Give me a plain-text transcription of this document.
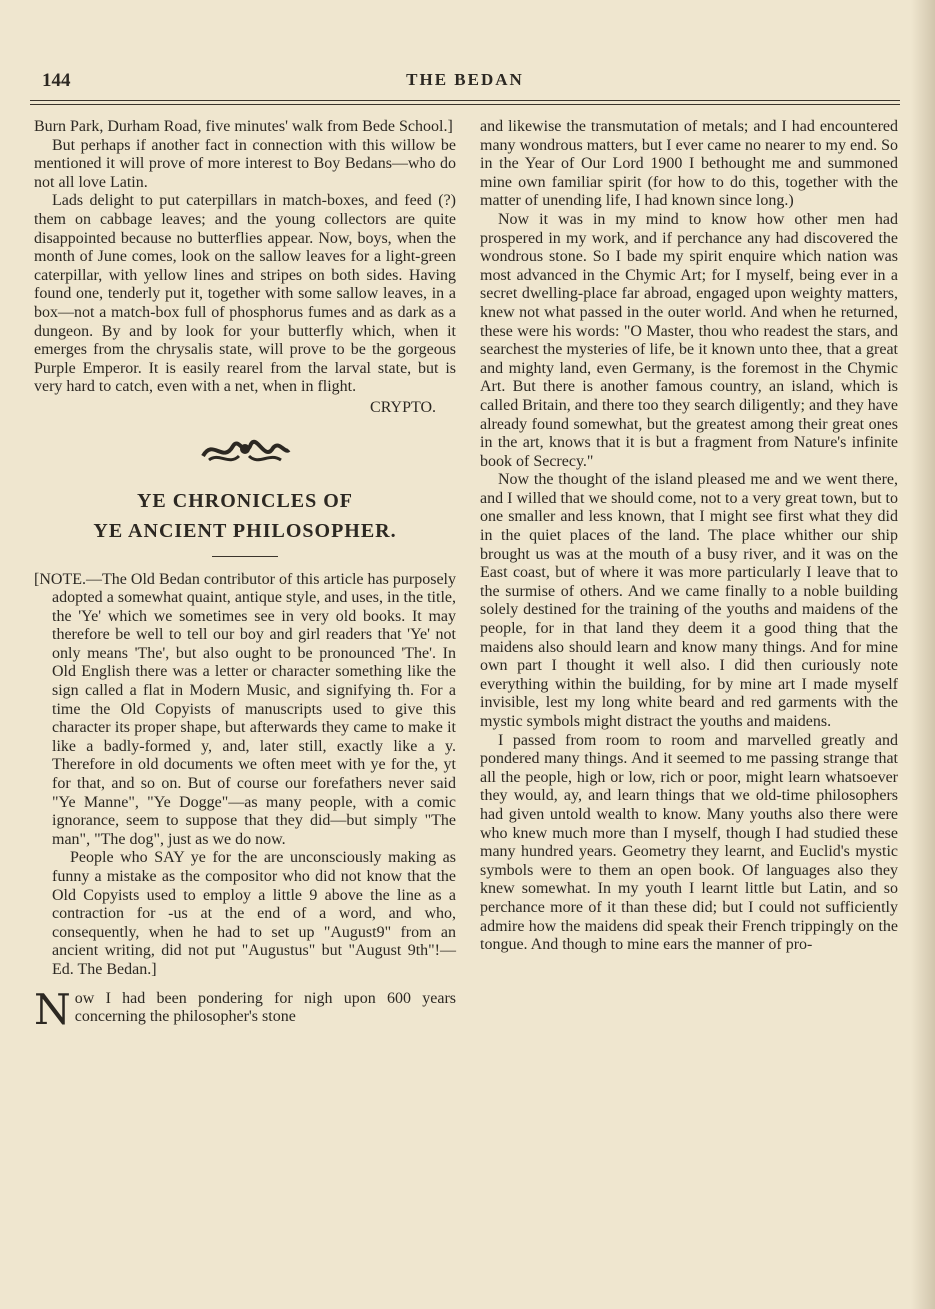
144	THE BEDAN

Burn Park, Durham Road, five minutes' walk from Bede School.]

But perhaps if another fact in connection with this willow be mentioned it will prove of more interest to Boy Bedans—who do not all love Latin.

Lads delight to put caterpillars in match-boxes, and feed (?) them on cabbage leaves; and the young collectors are quite disappointed because no butterflies appear. Now, boys, when the month of June comes, look on the sallow leaves for a light-green caterpillar, with yellow lines and stripes on both sides. Having found one, tenderly put it, together with some sallow leaves, in a box—not a match-box full of phosphorus fumes and as dark as a dungeon. By and by look for your butterfly which, when it emerges from the chrysalis state, will prove to be the gorgeous Purple Emperor. It is easily rearel from the larval state, but is very hard to catch, even with a net, when in flight.

CRYPTO.

YE CHRONICLES OF
YE ANCIENT PHILOSOPHER.

[NOTE.—The Old Bedan contributor of this article has purposely adopted a somewhat quaint, antique style, and uses, in the title, the 'Ye' which we sometimes see in very old books. It may therefore be well to tell our boy and girl readers that 'Ye' not only means 'The', but also ought to be pronounced 'The'. In Old English there was a letter or character something like the sign called a flat in Modern Music, and signifying th. For a time the Old Copyists of manuscripts used to give this character its proper shape, but afterwards they came to make it like a badly-formed y, and, later still, exactly like a y. Therefore in old documents we often meet with ye for the, yt for that, and so on. But of course our forefathers never said "Ye Manne", "Ye Dogge"—as many people, with a comic ignorance, seem to suppose that they did—but simply "The man", "The dog", just as we do now.

People who SAY ye for the are unconsciously making as funny a mistake as the compositor who did not know that the Old Copyists used to employ a little 9 above the line as a contraction for -us at the end of a word, and who, consequently, when he had to set up "August9" from an ancient writing, did not put "Augustus" but "August 9th"!—Ed. The Bedan.]

Now I had been pondering for nigh upon 600 years concerning the philosopher's stone

and likewise the transmutation of metals; and I had encountered many wondrous matters, but I ever came no nearer to my end. So in the Year of Our Lord 1900 I bethought me and summoned mine own familiar spirit (for how to do this, together with the matter of unending life, I had known since long.)

Now it was in my mind to know how other men had prospered in my work, and if perchance any had discovered the wondrous stone. So I bade my spirit enquire which nation was most advanced in the Chymic Art; for I myself, being ever in a secret dwelling-place far abroad, engaged upon weighty matters, knew not what passed in the outer world. And when he returned, these were his words: "O Master, thou who readest the stars, and searchest the mysteries of life, be it known unto thee, that a great and mighty land, even Germany, is the foremost in the Chymic Art. But there is another famous country, an island, which is called Britain, and there too they search diligently; and they have already found somewhat, but the greatest among their great ones in the art, knows that it is but a fragment from Nature's infinite book of Secrecy."

Now the thought of the island pleased me and we went there, and I willed that we should come, not to a very great town, but to one smaller and less known, that I might see first what they did in the quiet places of the land. The place whither our ship brought us was at the mouth of a busy river, and it was on the East coast, but of where it was more particularly I leave that to the surmise of others. And we came finally to a noble building solely destined for the training of the youths and maidens of the people, for in that land they deem it a good thing that the maidens also should learn and know many things. And for mine own part I thought it well also. I did then curiously note everything within the building, for by mine art I made myself invisible, lest my long white beard and red garments with the mystic symbols might distract the youths and maidens.

I passed from room to room and marvelled greatly and pondered many things. And it seemed to me passing strange that all the people, high or low, rich or poor, might learn whatsoever they would, ay, and learn things that we old-time philosophers had given untold wealth to know. Many youths also there were who knew much more than I myself, though I had studied these many hundred years. Geometry they learnt, and Euclid's mystic symbols were to them an open book. Of languages also they knew somewhat. In my youth I learnt little but Latin, and so perchance more of it than these did; but I could not sufficiently admire how the maidens did speak their French trippingly on the tongue. And though to mine ears the manner of pro-
